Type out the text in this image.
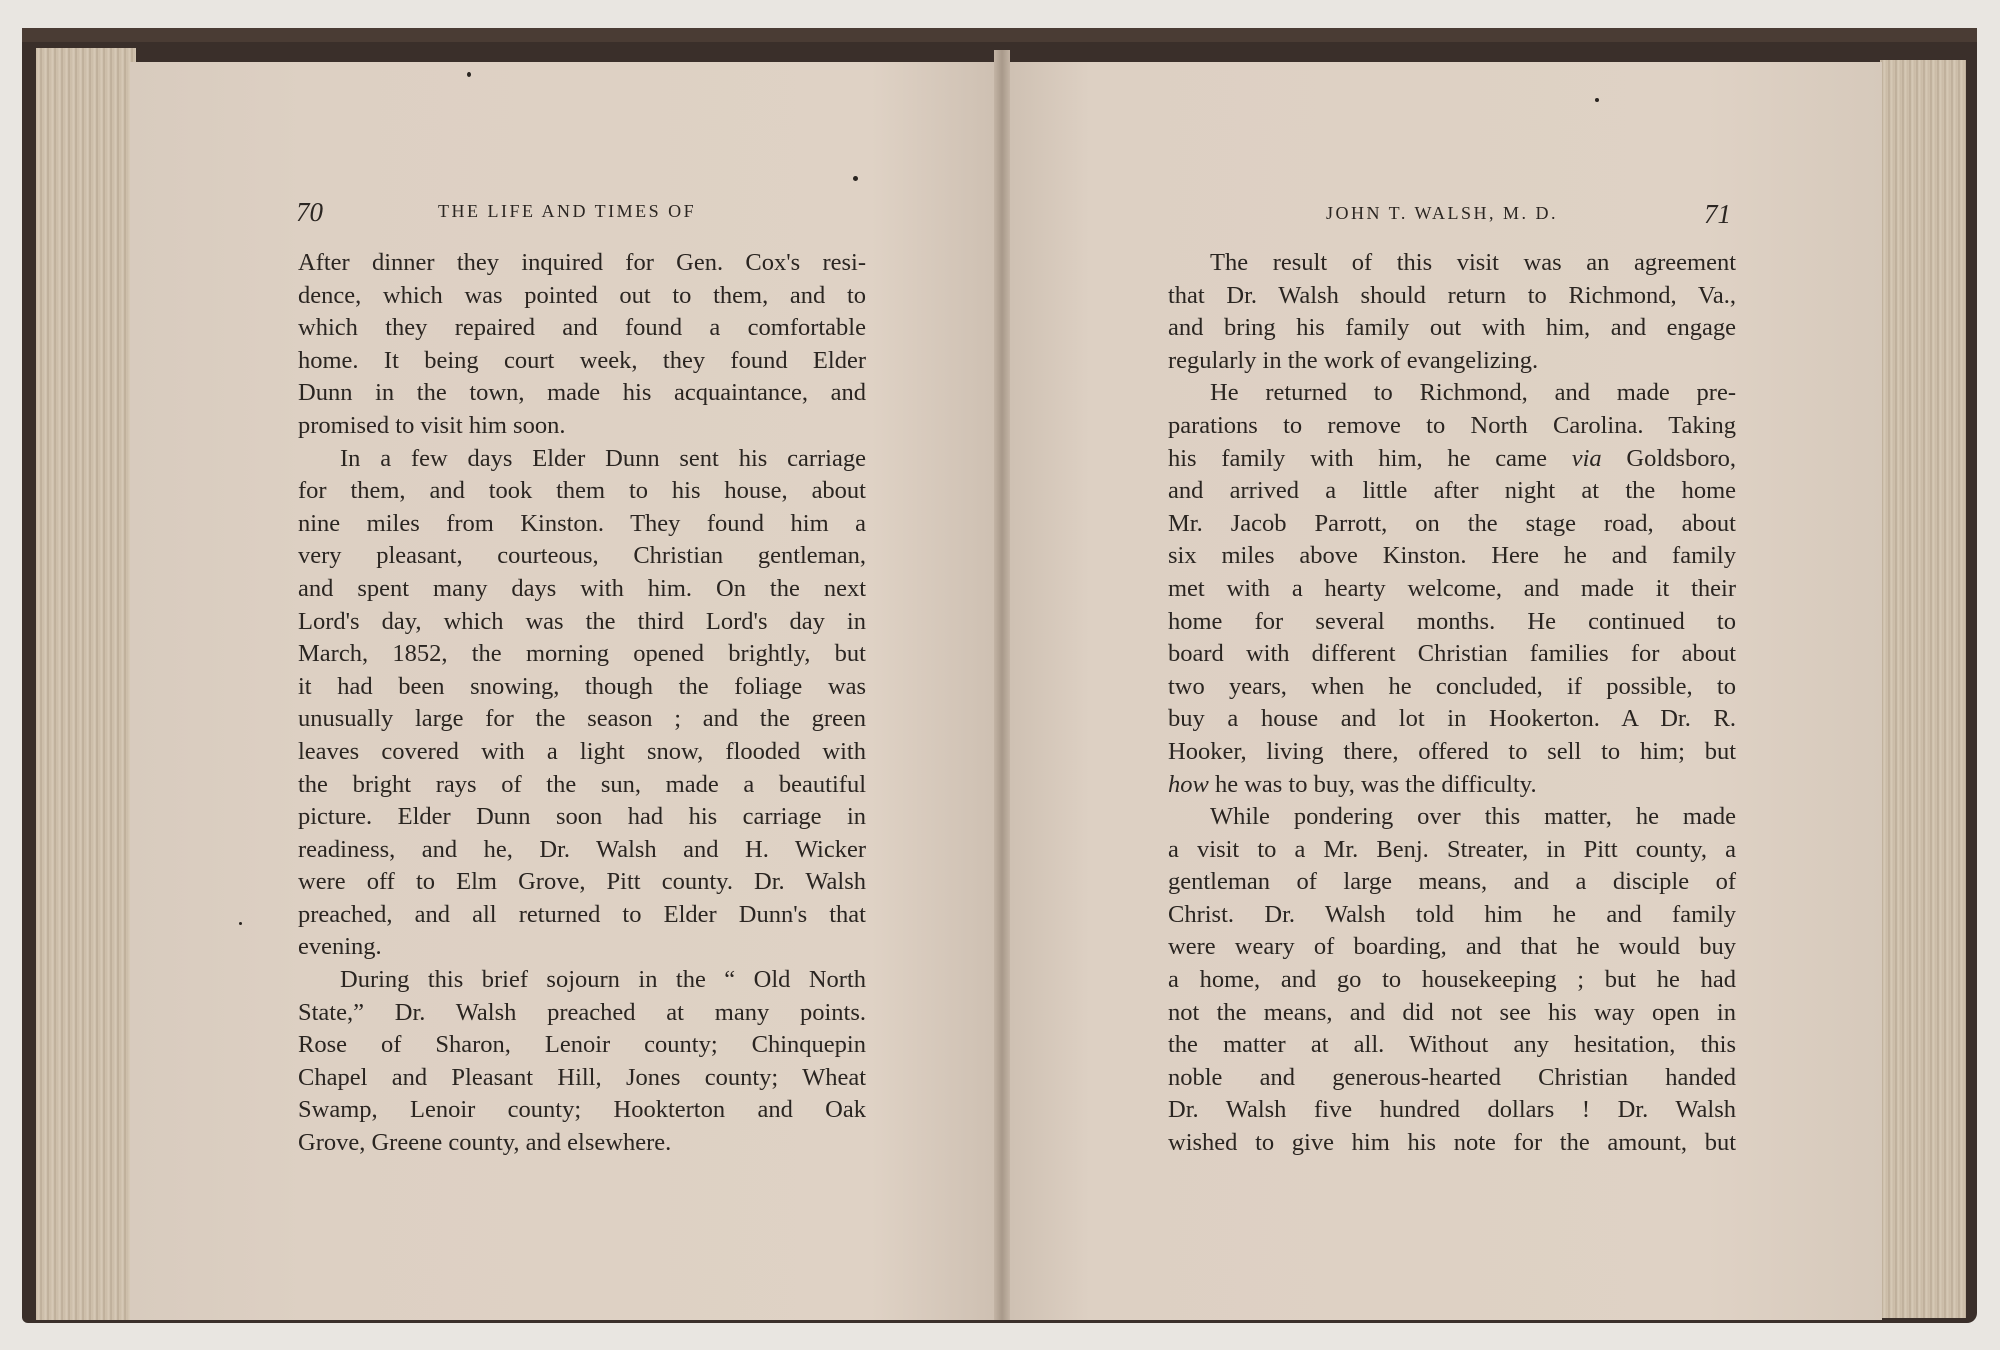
70	THE LIFE AND TIMES OF	JOHN T. WALSH, M. D.	71
After dinner they inquired for Gen. Cox's resi-
dence, which was pointed out to them, and to
which they repaired and found a comfortable
home. It being court week, they found Elder
Dunn in the town, made his acquaintance, and
promised to visit him soon.
In a few days Elder Dunn sent his carriage
for them, and took them to his house, about
nine miles from Kinston. They found him a
very pleasant, courteous, Christian gentleman,
and spent many days with him. On the next
Lord's day, which was the third Lord's day in
March, 1852, the morning opened brightly, but
it had been snowing, though the foliage was
unusually large for the season ; and the green
leaves covered with a light snow, flooded with
the bright rays of the sun, made a beautiful
picture. Elder Dunn soon had his carriage in
readiness, and he, Dr. Walsh and H. Wicker
were off to Elm Grove, Pitt county. Dr. Walsh
preached, and all returned to Elder Dunn's that
evening.
During this brief sojourn in the “ Old North
State,” Dr. Walsh preached at many points.
Rose of Sharon, Lenoir county; Chinquepin
Chapel and Pleasant Hill, Jones county; Wheat
Swamp, Lenoir county; Hookterton and Oak
Grove, Greene county, and elsewhere.
The result of this visit was an agreement
that Dr. Walsh should return to Richmond, Va.,
and bring his family out with him, and engage
regularly in the work of evangelizing.
He returned to Richmond, and made pre-
parations to remove to North Carolina. Taking
his family with him, he came via Goldsboro,
and arrived a little after night at the home
Mr. Jacob Parrott, on the stage road, about
six miles above Kinston. Here he and family
met with a hearty welcome, and made it their
home for several months. He continued to
board with different Christian families for about
two years, when he concluded, if possible, to
buy a house and lot in Hookerton. A Dr. R.
Hooker, living there, offered to sell to him; but
how he was to buy, was the difficulty.
While pondering over this matter, he made
a visit to a Mr. Benj. Streater, in Pitt county, a
gentleman of large means, and a disciple of
Christ. Dr. Walsh told him he and family
were weary of boarding, and that he would buy
a home, and go to housekeeping ; but he had
not the means, and did not see his way open in
the matter at all. Without any hesitation, this
noble and generous-hearted Christian handed
Dr. Walsh five hundred dollars ! Dr. Walsh
wished to give him his note for the amount, but
